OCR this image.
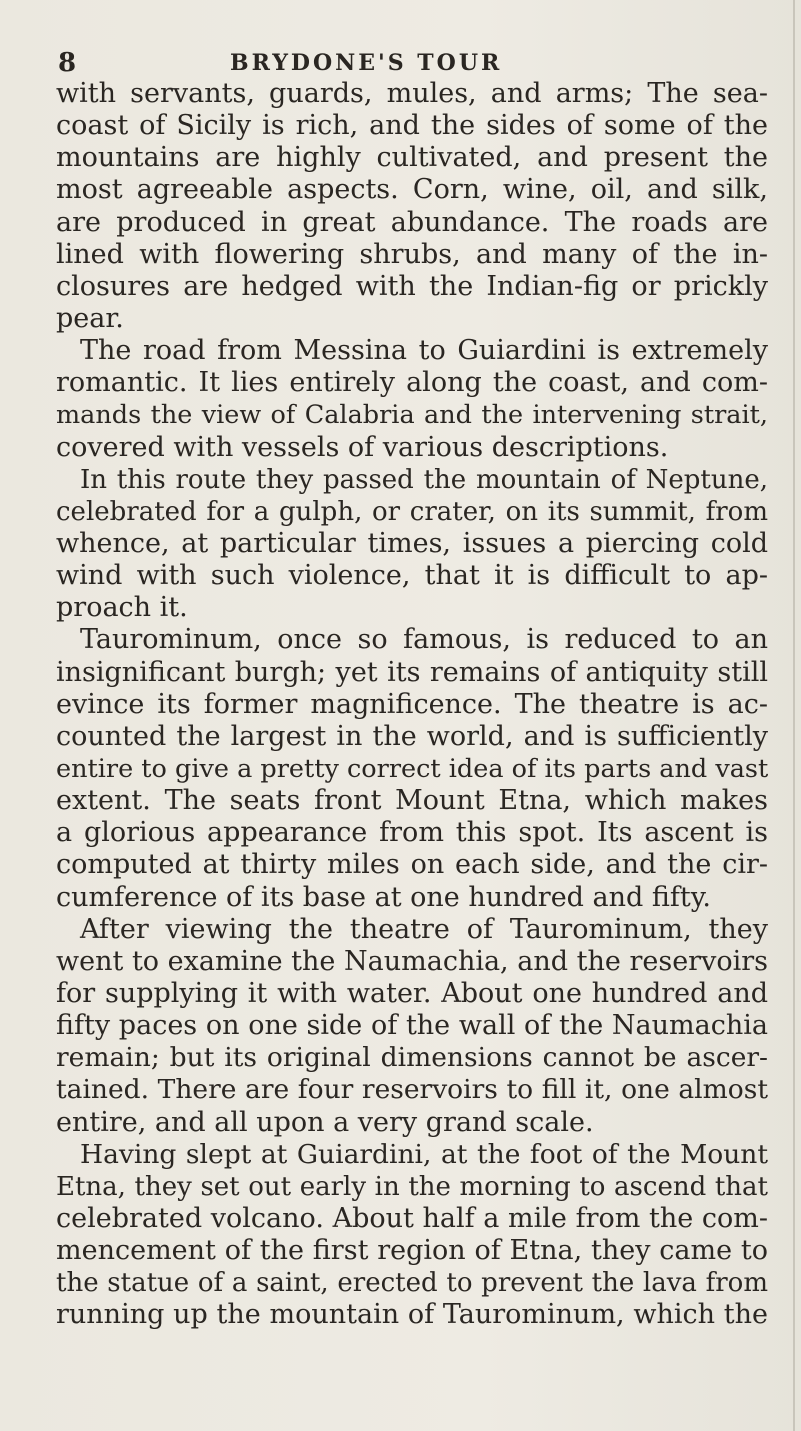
8	BRYDONE'S TOUR
with servants, guards, mules, and arms; The sea-
coast of Sicily is rich, and the sides of some of the
mountains are highly cultivated, and present the
most agreeable aspects. Corn, wine, oil, and silk,
are produced in great abundance. The roads are
lined with flowering shrubs, and many of the in-
closures are hedged with the Indian-fig or prickly
pear.
The road from Messina to Guiardini is extremely
romantic. It lies entirely along the coast, and com-
mands the view of Calabria and the intervening strait,
covered with vessels of various descriptions.
In this route they passed the mountain of Neptune,
celebrated for a gulph, or crater, on its summit, from
whence, at particular times, issues a piercing cold
wind with such violence, that it is difficult to ap-
proach it.
Taurominum, once so famous, is reduced to an
insignificant burgh; yet its remains of antiquity still
evince its former magnificence. The theatre is ac-
counted the largest in the world, and is sufficiently
entire to give a pretty correct idea of its parts and vast
extent. The seats front Mount Etna, which makes
a glorious appearance from this spot. Its ascent is
computed at thirty miles on each side, and the cir-
cumference of its base at one hundred and fifty.
After viewing the theatre of Taurominum, they
went to examine the Naumachia, and the reservoirs
for supplying it with water. About one hundred and
fifty paces on one side of the wall of the Naumachia
remain; but its original dimensions cannot be ascer-
tained. There are four reservoirs to fill it, one almost
entire, and all upon a very grand scale.
Having slept at Guiardini, at the foot of the Mount
Etna, they set out early in the morning to ascend that
celebrated volcano. About half a mile from the com-
mencement of the first region of Etna, they came to
the statue of a saint, erected to prevent the lava from
running up the mountain of Taurominum, which the
